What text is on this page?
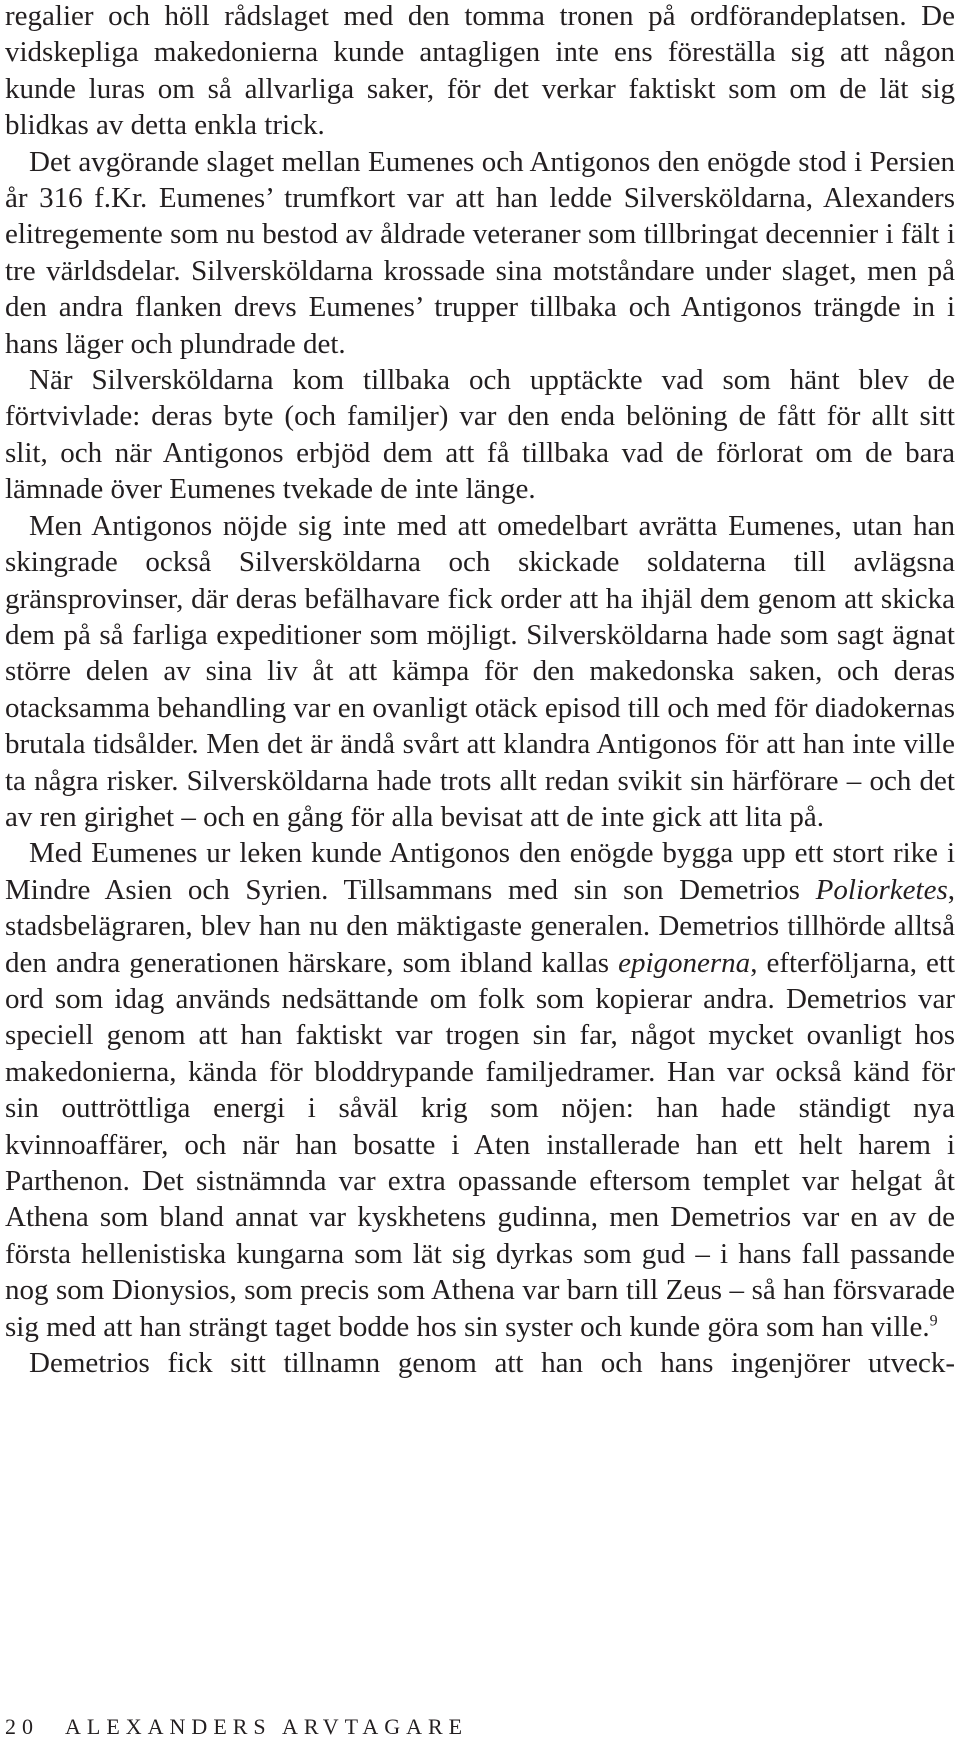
regalier och höll rådslaget med den tomma tronen på ordförandeplatsen. De vidskepliga makedonierna kunde antagligen inte ens föreställa sig att någon kunde luras om så allvarliga saker, för det verkar faktiskt som om de lät sig blidkas av detta enkla trick.

Det avgörande slaget mellan Eumenes och Antigonos den enögde stod i Persien år 316 f.Kr. Eumenes’ trumfkort var att han ledde Silversköldarna, Alexanders elitregemente som nu bestod av åldrade veteraner som tillbringat decennier i fält i tre världsdelar. Silversköldarna krossade sina motståndare under slaget, men på den andra flanken drevs Eumenes’ trupper tillbaka och Antigonos trängde in i hans läger och plundrade det.

När Silversköldarna kom tillbaka och upptäckte vad som hänt blev de förtvivlade: deras byte (och familjer) var den enda belöning de fått för allt sitt slit, och när Antigonos erbjöd dem att få tillbaka vad de förlorat om de bara lämnade över Eumenes tvekade de inte länge.

Men Antigonos nöjde sig inte med att omedelbart avrätta Eumenes, utan han skingrade också Silversköldarna och skickade soldaterna till avlägsna gränsprovinser, där deras befälhavare fick order att ha ihjäl dem genom att skicka dem på så farliga expeditioner som möjligt. Silversköldarna hade som sagt ägnat större delen av sina liv åt att kämpa för den makedonska saken, och deras otacksamma behandling var en ovanligt otäck episod till och med för diadokernas brutala tidsålder. Men det är ändå svårt att klandra Antigonos för att han inte ville ta några risker. Silversköldarna hade trots allt redan svikit sin härförare – och det av ren girighet – och en gång för alla bevisat att de inte gick att lita på.

Med Eumenes ur leken kunde Antigonos den enögde bygga upp ett stort rike i Mindre Asien och Syrien. Tillsammans med sin son Demetrios Poliorketes, stadsbelägraren, blev han nu den mäktigaste generalen. Demetrios tillhörde alltså den andra generationen härskare, som ibland kallas epigonerna, efterföljarna, ett ord som idag används nedsättande om folk som kopierar andra. Demetrios var speciell genom att han faktiskt var trogen sin far, något mycket ovanligt hos makedonierna, kända för bloddrypande familjedramer. Han var också känd för sin outtröttliga energi i såväl krig som nöjen: han hade ständigt nya kvinnoaffärer, och när han bosatte i Aten installerade han ett helt harem i Parthenon. Det sistnämnda var extra opassande eftersom templet var helgat åt Athena som bland annat var kyskhetens gudinna, men Demetrios var en av de första hellenistiska kungarna som lät sig dyrkas som gud – i hans fall passande nog som Dionysios, som precis som Athena var barn till Zeus – så han försvarade sig med att han strängt taget bodde hos sin syster och kunde göra som han ville.$^9$

Demetrios fick sitt tillnamn genom att han och hans ingenjörer utveck-

20 ALEXANDERS ARVTAGARE
